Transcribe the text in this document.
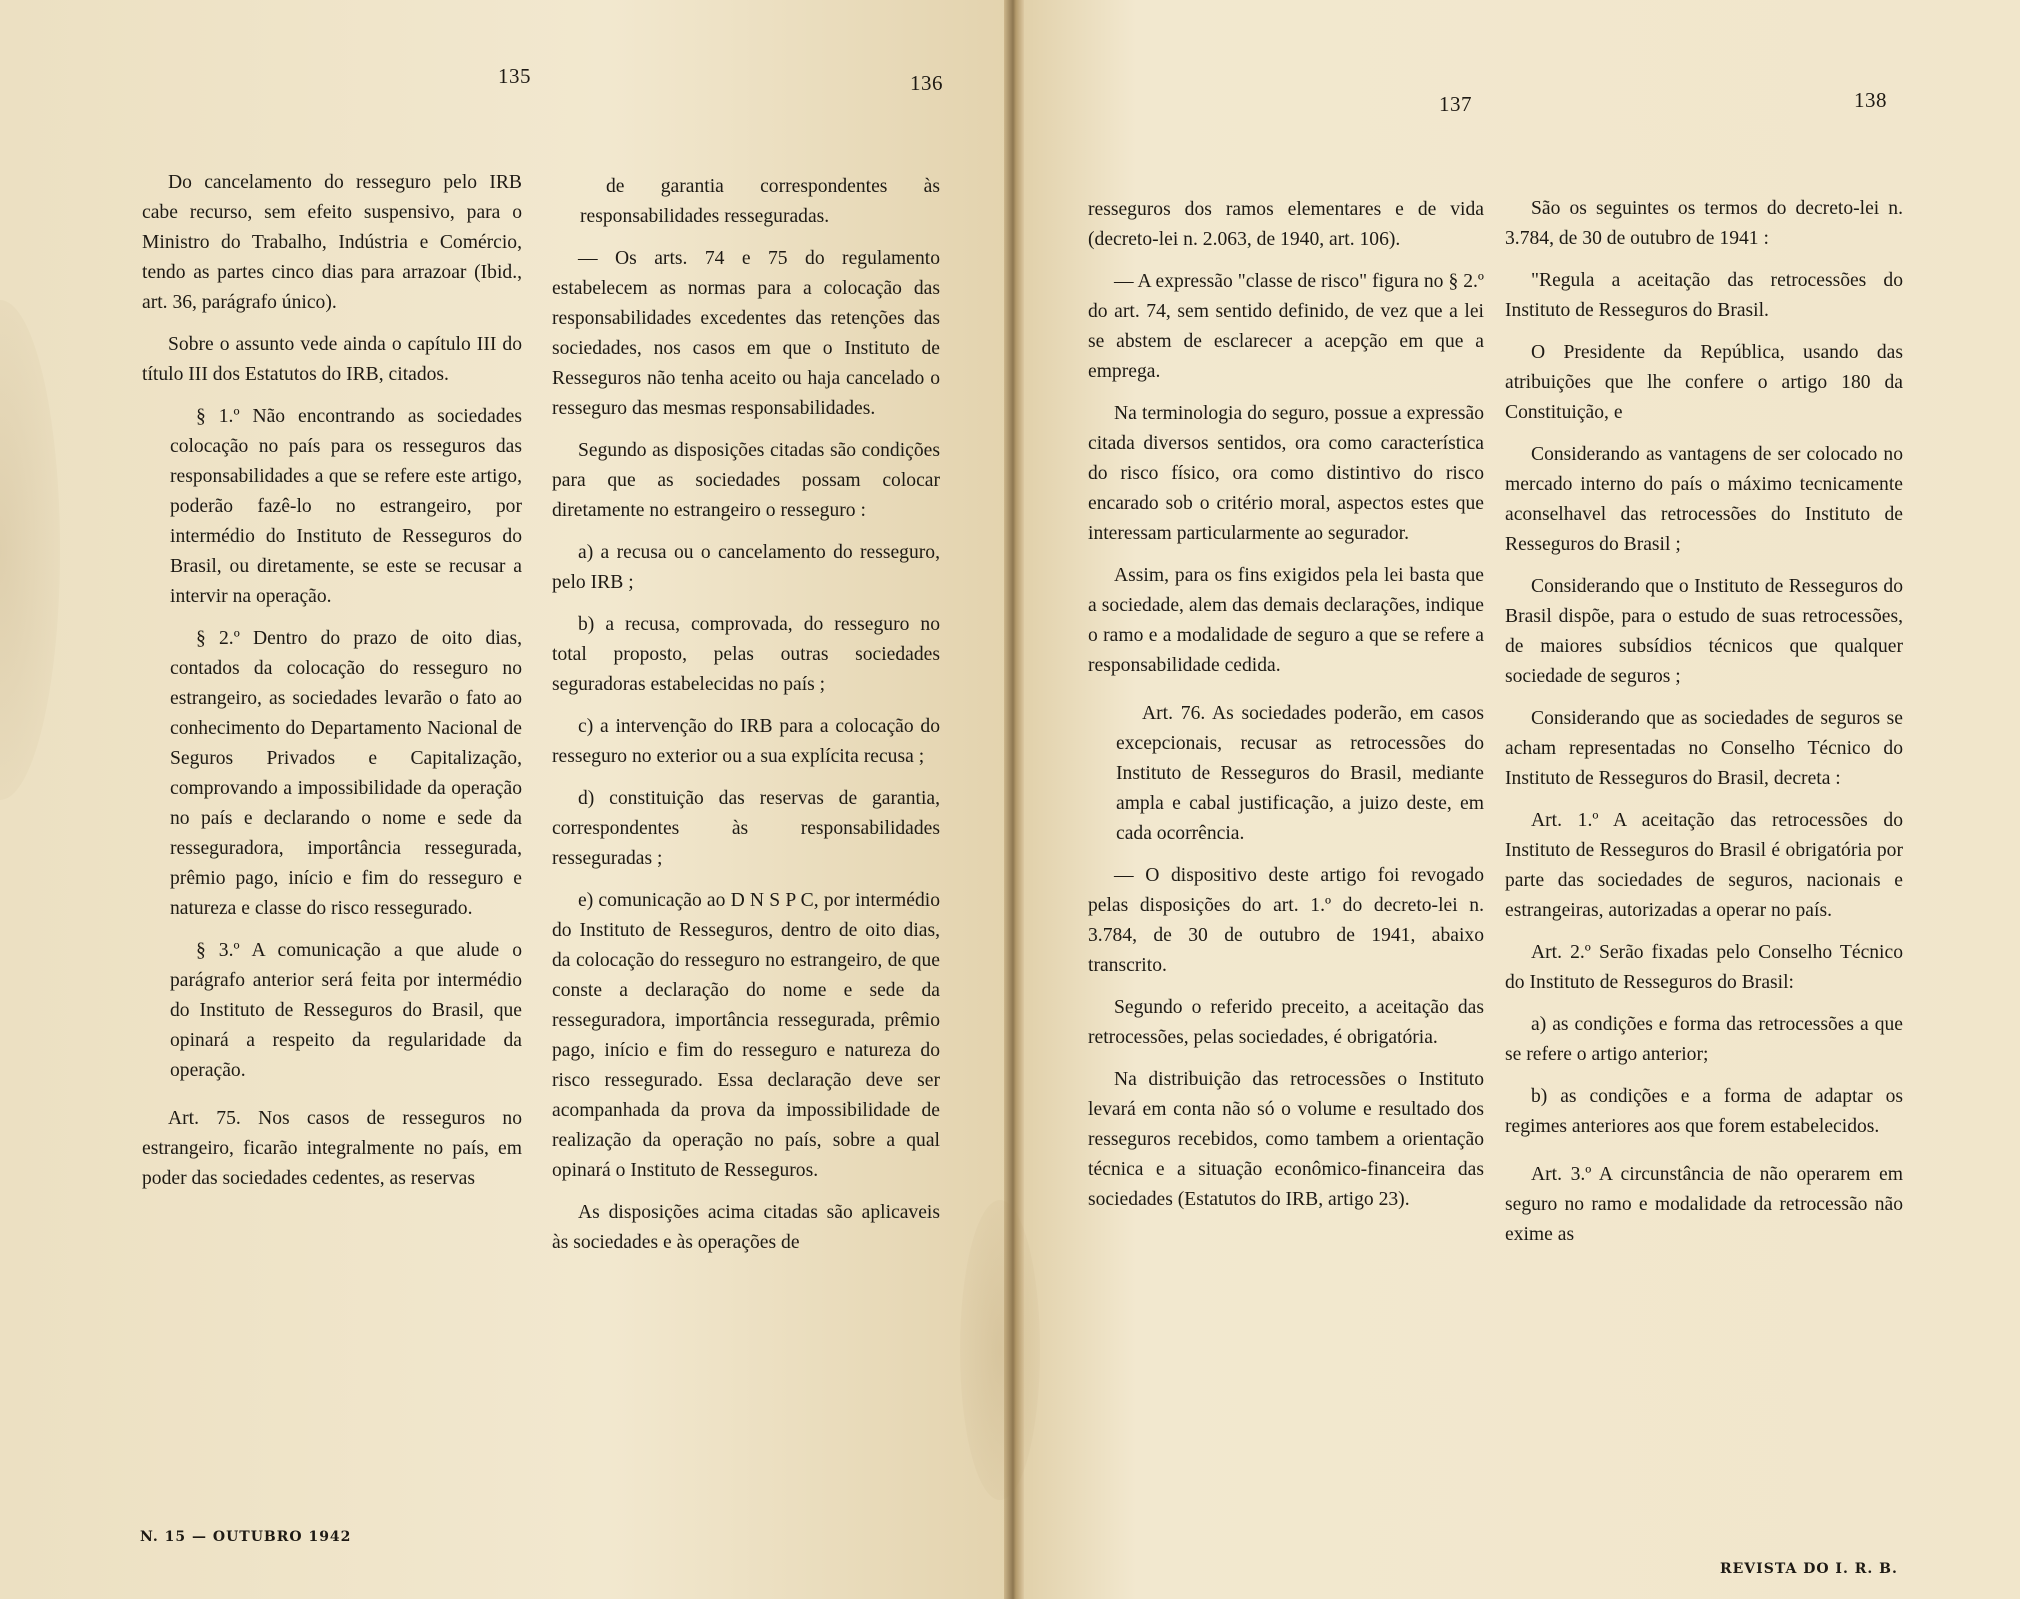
135	136
137	138

Do cancelamento do resseguro pelo IRB cabe recurso, sem efeito suspensivo, para o Ministro do Trabalho, Indústria e Comércio, tendo as partes cinco dias para arrazoar (Ibid., art. 36, parágrafo único).

Sobre o assunto vede ainda o capítulo III do título III dos Estatutos do IRB, citados.

§ 1.º Não encontrando as sociedades colocação no país para os resseguros das responsabilidades a que se refere este artigo, poderão fazê-lo no estrangeiro, por intermédio do Instituto de Resseguros do Brasil, ou diretamente, se este se recusar a intervir na operação.

§ 2.º Dentro do prazo de oito dias, contados da colocação do resseguro no estrangeiro, as sociedades levarão o fato ao conhecimento do Departamento Nacional de Seguros Privados e Capitalização, comprovando a impossibilidade da operação no país e declarando o nome e sede da resseguradora, importância ressegurada, prêmio pago, início e fim do resseguro e natureza e classe do risco ressegurado.

§ 3.º A comunicação a que alude o parágrafo anterior será feita por intermédio do Instituto de Resseguros do Brasil, que opinará a respeito da regularidade da operação.

Art. 75. Nos casos de resseguros no estrangeiro, ficarão integralmente no país, em poder das sociedades cedentes, as reservas

de garantia correspondentes às responsabilidades resseguradas.

— Os arts. 74 e 75 do regulamento estabelecem as normas para a colocação das responsabilidades excedentes das retenções das sociedades, nos casos em que o Instituto de Resseguros não tenha aceito ou haja cancelado o resseguro das mesmas responsabilidades.

Segundo as disposições citadas são condições para que as sociedades possam colocar diretamente no estrangeiro o resseguro :

a) a recusa ou o cancelamento do resseguro, pelo IRB ;

b) a recusa, comprovada, do resseguro no total proposto, pelas outras sociedades seguradoras estabelecidas no país ;

c) a intervenção do IRB para a colocação do resseguro no exterior ou a sua explícita recusa ;

d) constituição das reservas de garantia, correspondentes às responsabilidades resseguradas ;

e) comunicação ao D N S P C, por intermédio do Instituto de Resseguros, dentro de oito dias, da colocação do resseguro no estrangeiro, de que conste a declaração do nome e sede da resseguradora, importância ressegurada, prêmio pago, início e fim do resseguro e natureza do risco ressegurado. Essa declaração deve ser acompanhada da prova da impossibilidade de realização da operação no país, sobre a qual opinará o Instituto de Resseguros.

As disposições acima citadas são aplicaveis às sociedades e às operações de

resseguros dos ramos elementares e de vida (decreto-lei n. 2.063, de 1940, art. 106).

— A expressão "classe de risco" figura no § 2.º do art. 74, sem sentido definido, de vez que a lei se abstem de esclarecer a acepção em que a emprega.

Na terminologia do seguro, possue a expressão citada diversos sentidos, ora como característica do risco físico, ora como distintivo do risco encarado sob o critério moral, aspectos estes que interessam particularmente ao segurador.

Assim, para os fins exigidos pela lei basta que a sociedade, alem das demais declarações, indique o ramo e a modalidade de seguro a que se refere a responsabilidade cedida.

Art. 76. As sociedades poderão, em casos excepcionais, recusar as retrocessões do Instituto de Resseguros do Brasil, mediante ampla e cabal justificação, a juizo deste, em cada ocorrência.

— O dispositivo deste artigo foi revogado pelas disposições do art. 1.º do decreto-lei n. 3.784, de 30 de outubro de 1941, abaixo transcrito.

Segundo o referido preceito, a aceitação das retrocessões, pelas sociedades, é obrigatória.

Na distribuição das retrocessões o Instituto levará em conta não só o volume e resultado dos resseguros recebidos, como tambem a orientação técnica e a situação econômico-financeira das sociedades (Estatutos do IRB, artigo 23).

São os seguintes os termos do decreto-lei n. 3.784, de 30 de outubro de 1941 :

"Regula a aceitação das retrocessões do Instituto de Resseguros do Brasil.

O Presidente da República, usando das atribuições que lhe confere o artigo 180 da Constituição, e

Considerando as vantagens de ser colocado no mercado interno do país o máximo tecnicamente aconselhavel das retrocessões do Instituto de Resseguros do Brasil ;

Considerando que o Instituto de Resseguros do Brasil dispõe, para o estudo de suas retrocessões, de maiores subsídios técnicos que qualquer sociedade de seguros ;

Considerando que as sociedades de seguros se acham representadas no Conselho Técnico do Instituto de Resseguros do Brasil, decreta :

Art. 1.º A aceitação das retrocessões do Instituto de Resseguros do Brasil é obrigatória por parte das sociedades de seguros, nacionais e estrangeiras, autorizadas a operar no país.

Art. 2.º Serão fixadas pelo Conselho Técnico do Instituto de Resseguros do Brasil:

a) as condições e forma das retrocessões a que se refere o artigo anterior;

b) as condições e a forma de adaptar os regimes anteriores aos que forem estabelecidos.

Art. 3.º A circunstância de não operarem em seguro no ramo e modalidade da retrocessão não exime as

N. 15 — OUTUBRO 1942
REVISTA DO I. R. B.
